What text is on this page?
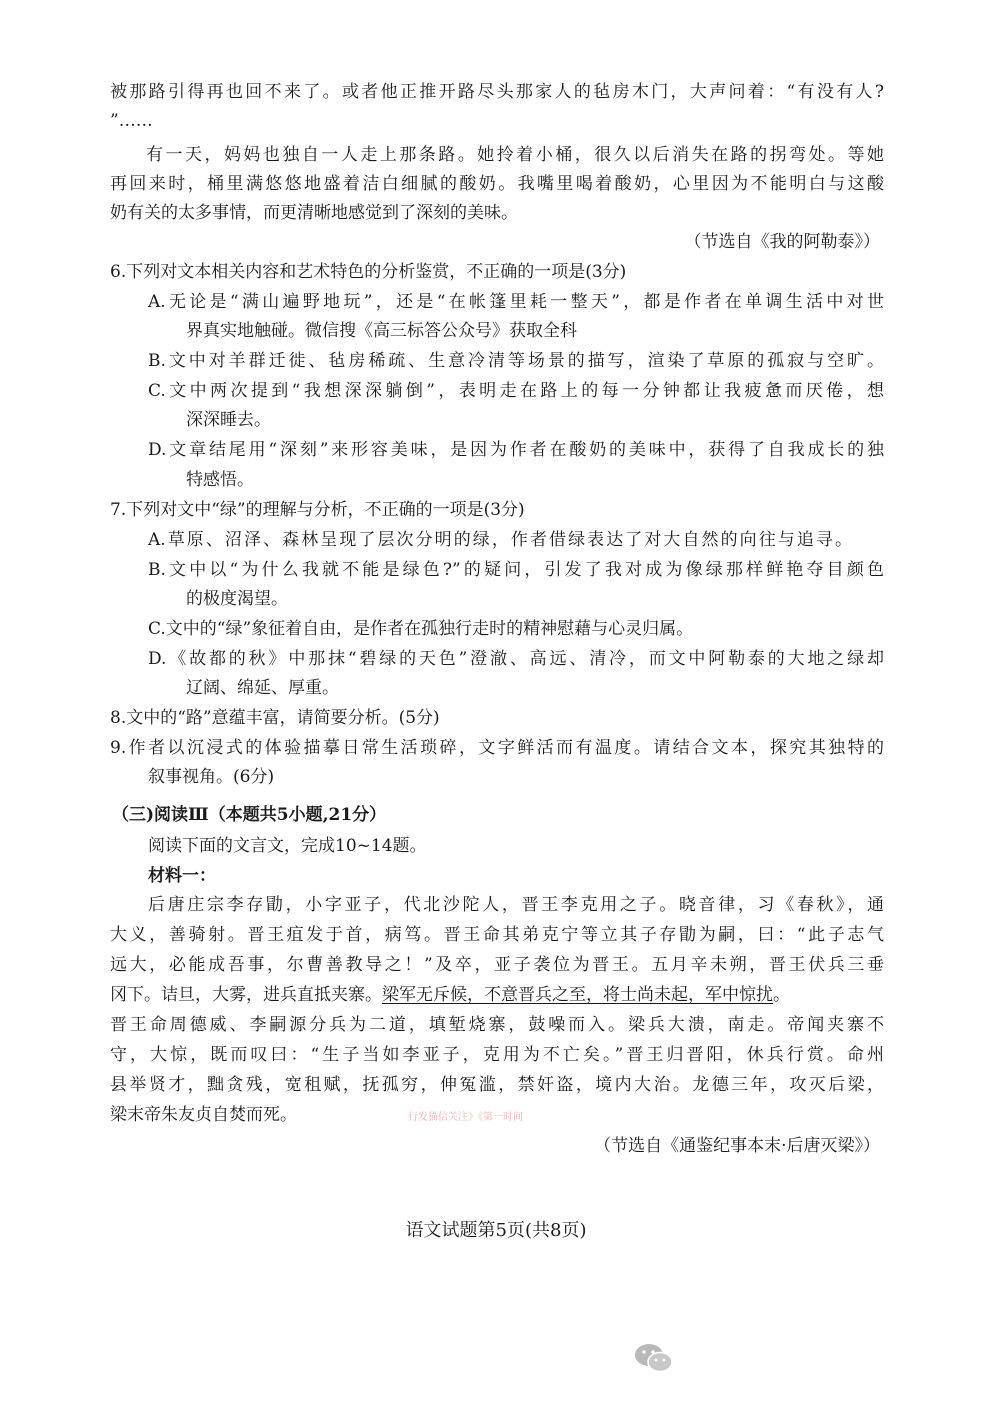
被那路引得再也回不来了。或者他正推开路尽头那家人的毡房木门，大声问着：“有没有人?
”……
有一天，妈妈也独自一人走上那条路。她拎着小桶，很久以后消失在路的拐弯处。等她
再回来时，桶里满悠悠地盛着洁白细腻的酸奶。我嘴里喝着酸奶，心里因为不能明白与这酸
奶有关的太多事情，而更清晰地感觉到了深刻的美味。
（节选自《我的阿勒泰》）
6.下列对文本相关内容和艺术特色的分析鉴赏，不正确的一项是(3分)
A.无论是“满山遍野地玩”，还是“在帐篷里耗一整天”，都是作者在单调生活中对世
界真实地触碰。微信搜《高三标答公众号》获取全科
B.文中对羊群迁徙、毡房稀疏、生意冷清等场景的描写，渲染了草原的孤寂与空旷。
C.文中两次提到“我想深深躺倒”，表明走在路上的每一分钟都让我疲惫而厌倦，想
深深睡去。
D.文章结尾用“深刻”来形容美味，是因为作者在酸奶的美味中，获得了自我成长的独
特感悟。
7.下列对文中“绿”的理解与分析，不正确的一项是(3分)
A.草原、沼泽、森林呈现了层次分明的绿，作者借绿表达了对大自然的向往与追寻。
B.文中以“为什么我就不能是绿色?”的疑问，引发了我对成为像绿那样鲜艳夺目颜色
的极度渴望。
C.文中的“绿”象征着自由，是作者在孤独行走时的精神慰藉与心灵归属。
D.《故都的秋》中那抹“碧绿的天色”澄澈、高远、清冷，而文中阿勒泰的大地之绿却
辽阔、绵延、厚重。
8.文中的“路”意蕴丰富，请简要分析。(5分)
9.作者以沉浸式的体验描摹日常生活琐碎，文字鲜活而有温度。请结合文本，探究其独特的
叙事视角。(6分)
（三)阅读Ⅲ（本题共5小题,21分）
阅读下面的文言文，完成10~14题。
材料一：
后唐庄宗李存勖，小字亚子，代北沙陀人，晋王李克用之子。晓音律，习《春秋》，通
大义，善骑射。晋王疽发于首，病笃。晋王命其弟克宁等立其子存勖为嗣，曰：“此子志气
远大，必能成吾事，尔曹善教导之！”及卒，亚子袭位为晋王。五月辛未朔，晋王伏兵三垂
冈下。诘旦，大雾，进兵直抵夹寨。梁军无斥候，不意晋兵之至，将士尚未起，军中惊扰。
晋王命周德威、李嗣源分兵为二道，填堑烧寨，鼓噪而入。梁兵大溃，南走。帝闻夹寨不
守，大惊，既而叹曰：“生子当如李亚子，克用为不亡矣。”晋王归晋阳，休兵行赏。命州
县举贤才，黜贪残，宽租赋，抚孤穷，伸冤滥，禁奸盗，境内大治。龙德三年，攻灭后梁，
梁末帝朱友贞自焚而死。	行发猫信关注》《第一时间
（节选自《通鉴纪事本末·后唐灭梁》）
语文试题第5页(共8页)
